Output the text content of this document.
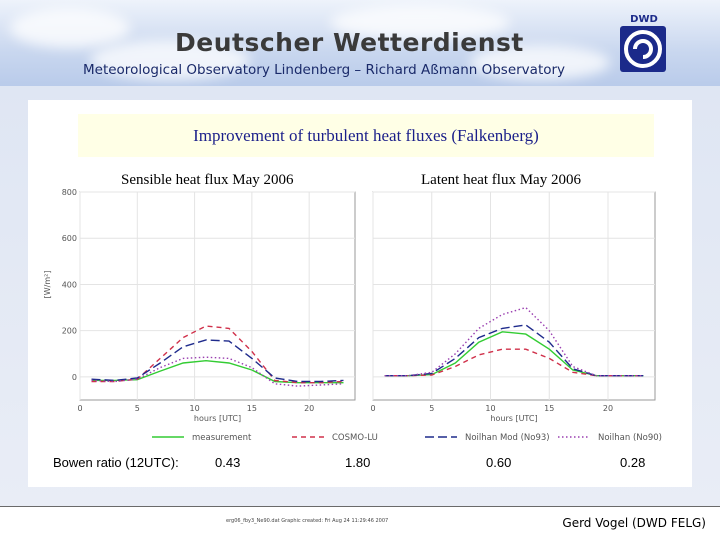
Deutscher Wetterdienst
Meteorological Observatory Lindenberg – Richard Aßmann Observatory
DWD
Improvement of turbulent heat fluxes (Falkenberg)
Sensible heat flux May 2006	Latent heat flux May 2006
0
200
400
600
800
0	5	10	15	20
hours [UTC]
[W/m²]
0	5	10	15	20
hours [UTC]
measurement	COSMO-LU	Noilhan Mod (No93)	Noilhan (No90)
Bowen ratio (12UTC):	0.43	1.80	0.60	0.28
erg06_fby3_Ne90.dat Graphic created: Fri Aug 24 11:29:46 2007	Gerd Vogel (DWD FELG)
